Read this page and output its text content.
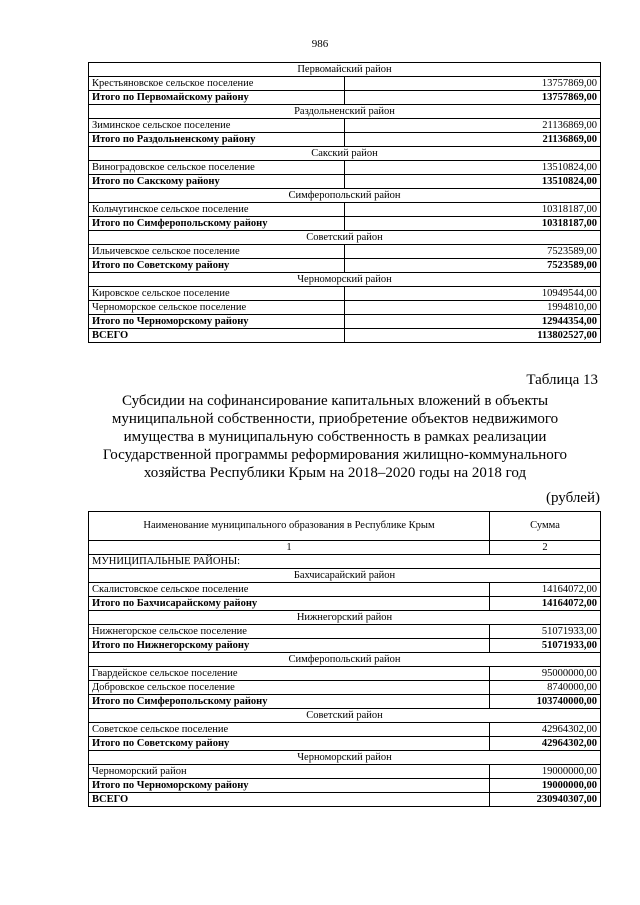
986
Первомайский район	
Крестьяновское сельское поселение	13757869,00
Итого по Первомайскому району	13757869,00
Раздольненский район	
Зиминское сельское поселение	21136869,00
Итого по Раздольненскому району	21136869,00
Сакский район	
Виноградовское сельское поселение	13510824,00
Итого по Сакскому району	13510824,00
Симферопольский район	
Кольчугинское сельское поселение	10318187,00
Итого по Симферопольскому району	10318187,00
Советский район	
Ильичевское сельское поселение	7523589,00
Итого по Советскому району	7523589,00
Черноморский район	
Кировское сельское поселение	10949544,00
Черноморское сельское поселение	1994810,00
Итого по Черноморскому району	12944354,00
ВСЕГО	113802527,00
Таблица 13
Субсидии на софинансирование капитальных вложений в объекты
муниципальной собственности, приобретение объектов недвижимого
имущества в муниципальную собственность в рамках реализации
Государственной программы реформирования жилищно-коммунального
хозяйства Республики Крым на 2018–2020 годы на 2018 год
(рублей)
Наименование муниципального образования в Республике Крым	Сумма
1	2
МУНИЦИПАЛЬНЫЕ РАЙОНЫ:	
Бахчисарайский район	
Скалистовское сельское поселение	14164072,00
Итого по Бахчисарайскому району	14164072,00
Нижнегорский район	
Нижнегорское сельское поселение	51071933,00
Итого по Нижнегорскому району	51071933,00
Симферопольский район	
Гвардейское сельское поселение	95000000,00
Добровское сельское поселение	8740000,00
Итого по Симферопольскому району	103740000,00
Советский район	
Советское сельское поселение	42964302,00
Итого по Советскому району	42964302,00
Черноморский район	
Черноморский район	19000000,00
Итого по Черноморскому району	19000000,00
ВСЕГО	230940307,00
